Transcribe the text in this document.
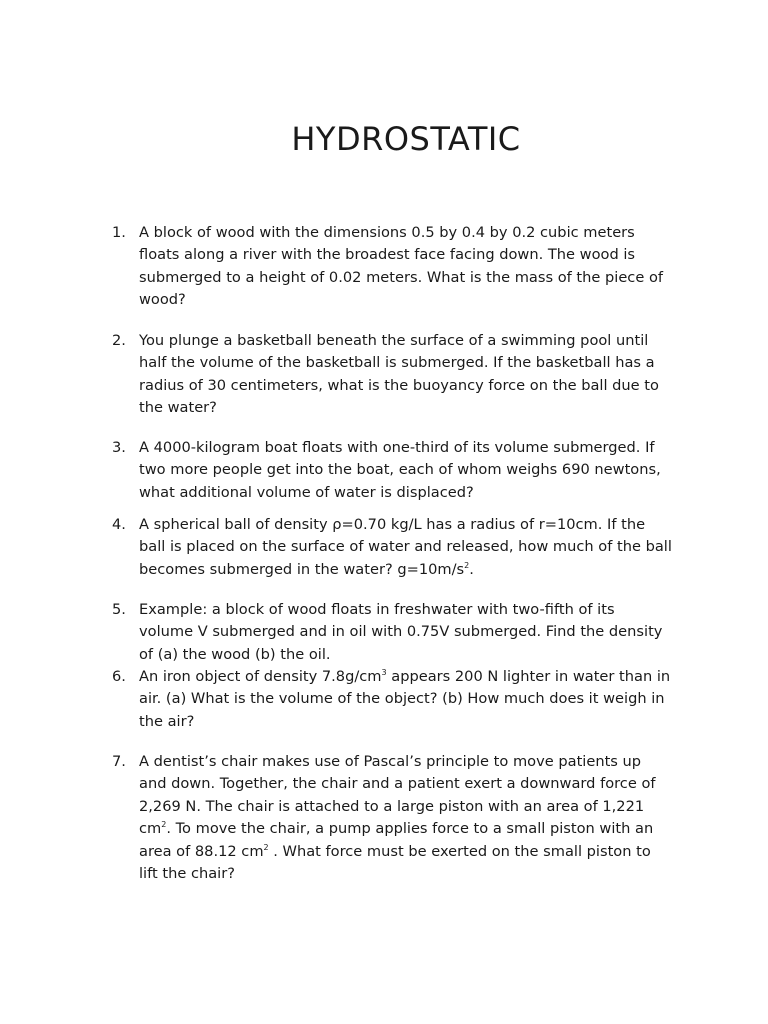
HYDROSTATIC
1. A block of wood with the dimensions 0.5 by 0.4 by 0.2 cubic meters floats along a river with the broadest face facing down. The wood is submerged to a height of 0.02 meters. What is the mass of the piece of wood?
2. You plunge a basketball beneath the surface of a swimming pool until half the volume of the basketball is submerged. If the basketball has a radius of 30 centimeters, what is the buoyancy force on the ball due to the water?
3. A 4000-kilogram boat floats with one-third of its volume submerged. If two more people get into the boat, each of whom weighs 690 newtons, what additional volume of water is displaced?
4. A spherical ball of density ρ=0.70 kg/L has a radius of r=10cm. If the ball is placed on the surface of water and released, how much of the ball becomes submerged in the water? $g=10m/s^2$.
5. Example: a block of wood floats in freshwater with two-fifth of its volume V submerged and in oil with 0.75V submerged. Find the density of (a) the wood (b) the oil.
6. An iron object of density $7.8g/cm^3$ appears 200 N lighter in water than in air. (a) What is the volume of the object? (b) How much does it weigh in the air?
7. A dentist’s chair makes use of Pascal’s principle to move patients up and down. Together, the chair and a patient exert a downward force of 2,269 N. The chair is attached to a large piston with an area of 1,221 $cm^2$. To move the chair, a pump applies force to a small piston with an area of 88.12 $cm^2$ . What force must be exerted on the small piston to lift the chair?
